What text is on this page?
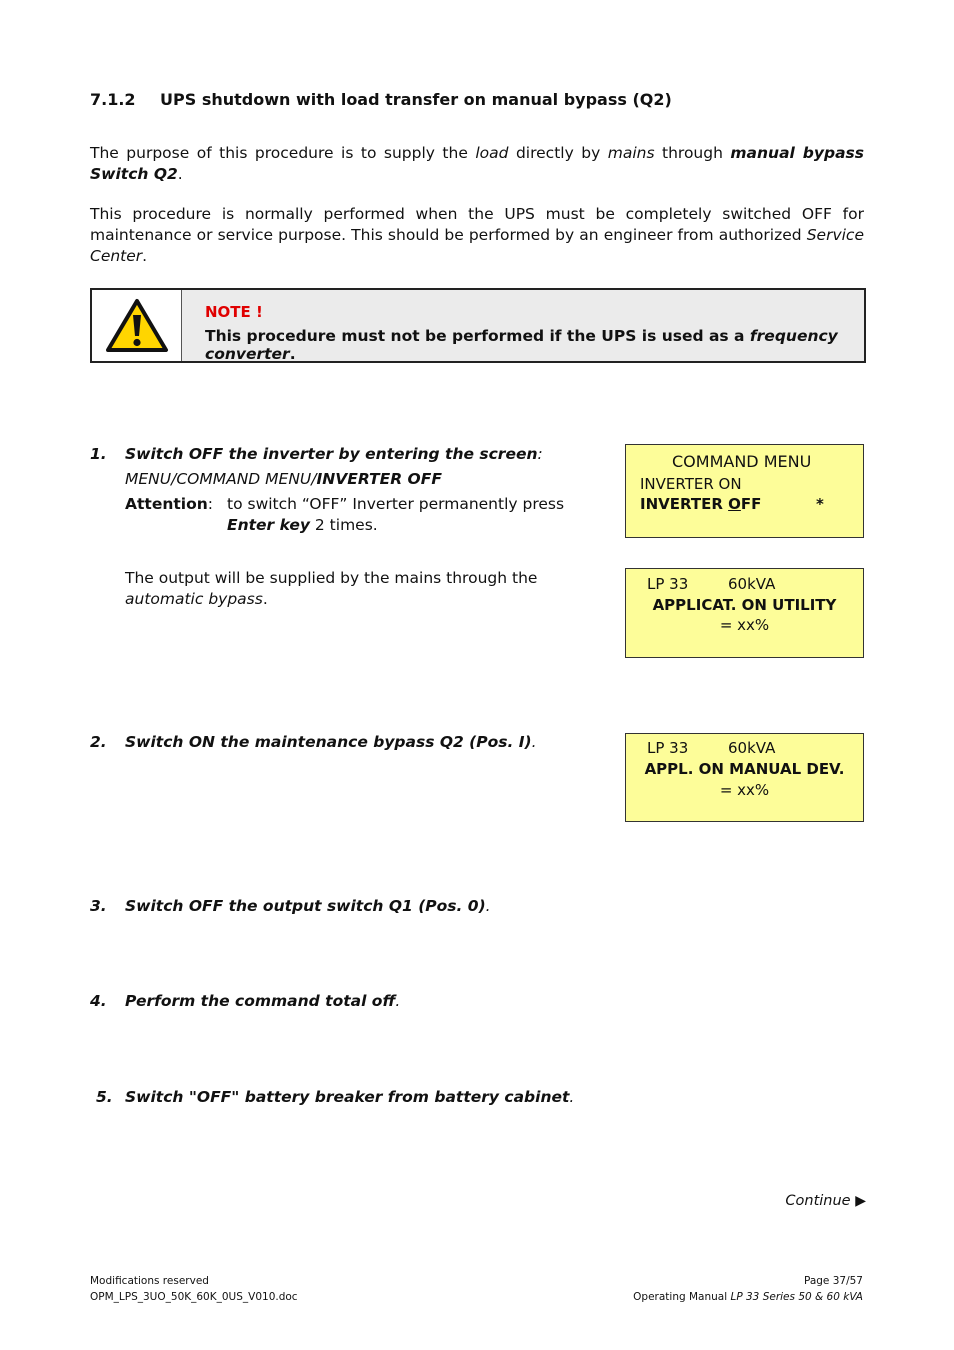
7.1.2 UPS shutdown with load transfer on manual bypass (Q2)
The purpose of this procedure is to supply the load directly by mains through manual bypass Switch Q2.
This procedure is normally performed when the UPS must be completely switched OFF for maintenance or service purpose. This should be performed by an engineer from authorized Service Center.
NOTE !
This procedure must not be performed if the UPS is used as a frequency converter.
1. Switch OFF the inverter by entering the screen:
MENU/COMMAND MENU/INVERTER OFF
Attention: to switch “OFF” Inverter permanently press Enter key 2 times.
The output will be supplied by the mains through the automatic bypass.
2. Switch ON the maintenance bypass Q2 (Pos. I).
3. Switch OFF the output switch Q1 (Pos. 0).
4. Perform the command total off.
5. Switch "OFF" battery breaker from battery cabinet.
COMMAND MENU
INVERTER ON
INVERTER OFF	*
LP 33	60kVA
APPLICAT. ON UTILITY
= xx%
LP 33	60kVA
APPL. ON MANUAL DEV.
= xx%
Continue ▶
Modifications reserved
OPM_LPS_3UO_50K_60K_0US_V010.doc
Page 37/57
Operating Manual LP 33 Series 50 & 60 kVA
